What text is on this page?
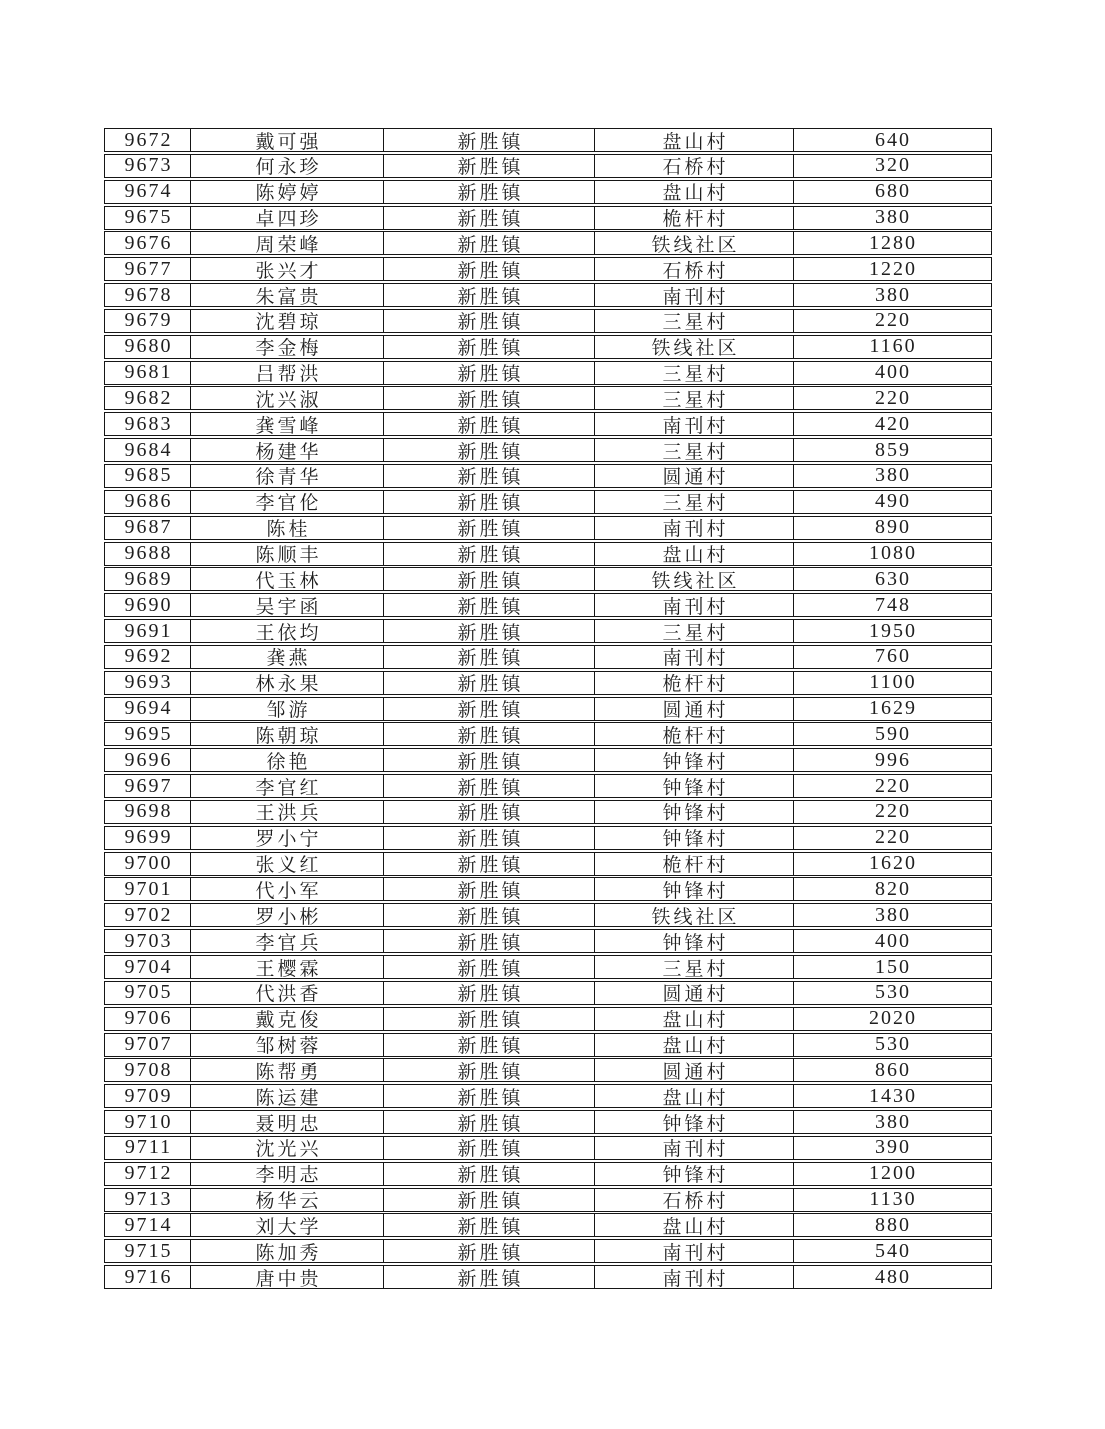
9672	戴可强	新胜镇	盘山村	640
9673	何永珍	新胜镇	石桥村	320
9674	陈婷婷	新胜镇	盘山村	680
9675	卓四珍	新胜镇	桅杆村	380
9676	周荣峰	新胜镇	铁线社区	1280
9677	张兴才	新胜镇	石桥村	1220
9678	朱富贵	新胜镇	南刊村	380
9679	沈碧琼	新胜镇	三星村	220
9680	李金梅	新胜镇	铁线社区	1160
9681	吕帮洪	新胜镇	三星村	400
9682	沈兴淑	新胜镇	三星村	220
9683	龚雪峰	新胜镇	南刊村	420
9684	杨建华	新胜镇	三星村	859
9685	徐青华	新胜镇	圆通村	380
9686	李官伦	新胜镇	三星村	490
9687	陈桂	新胜镇	南刊村	890
9688	陈顺丰	新胜镇	盘山村	1080
9689	代玉林	新胜镇	铁线社区	630
9690	吴宇函	新胜镇	南刊村	748
9691	王依均	新胜镇	三星村	1950
9692	龚燕	新胜镇	南刊村	760
9693	林永果	新胜镇	桅杆村	1100
9694	邹游	新胜镇	圆通村	1629
9695	陈朝琼	新胜镇	桅杆村	590
9696	徐艳	新胜镇	钟锋村	996
9697	李官红	新胜镇	钟锋村	220
9698	王洪兵	新胜镇	钟锋村	220
9699	罗小宁	新胜镇	钟锋村	220
9700	张义红	新胜镇	桅杆村	1620
9701	代小军	新胜镇	钟锋村	820
9702	罗小彬	新胜镇	铁线社区	380
9703	李官兵	新胜镇	钟锋村	400
9704	王樱霖	新胜镇	三星村	150
9705	代洪香	新胜镇	圆通村	530
9706	戴克俊	新胜镇	盘山村	2020
9707	邹树蓉	新胜镇	盘山村	530
9708	陈帮勇	新胜镇	圆通村	860
9709	陈运建	新胜镇	盘山村	1430
9710	聂明忠	新胜镇	钟锋村	380
9711	沈光兴	新胜镇	南刊村	390
9712	李明志	新胜镇	钟锋村	1200
9713	杨华云	新胜镇	石桥村	1130
9714	刘大学	新胜镇	盘山村	880
9715	陈加秀	新胜镇	南刊村	540
9716	唐中贵	新胜镇	南刊村	480
